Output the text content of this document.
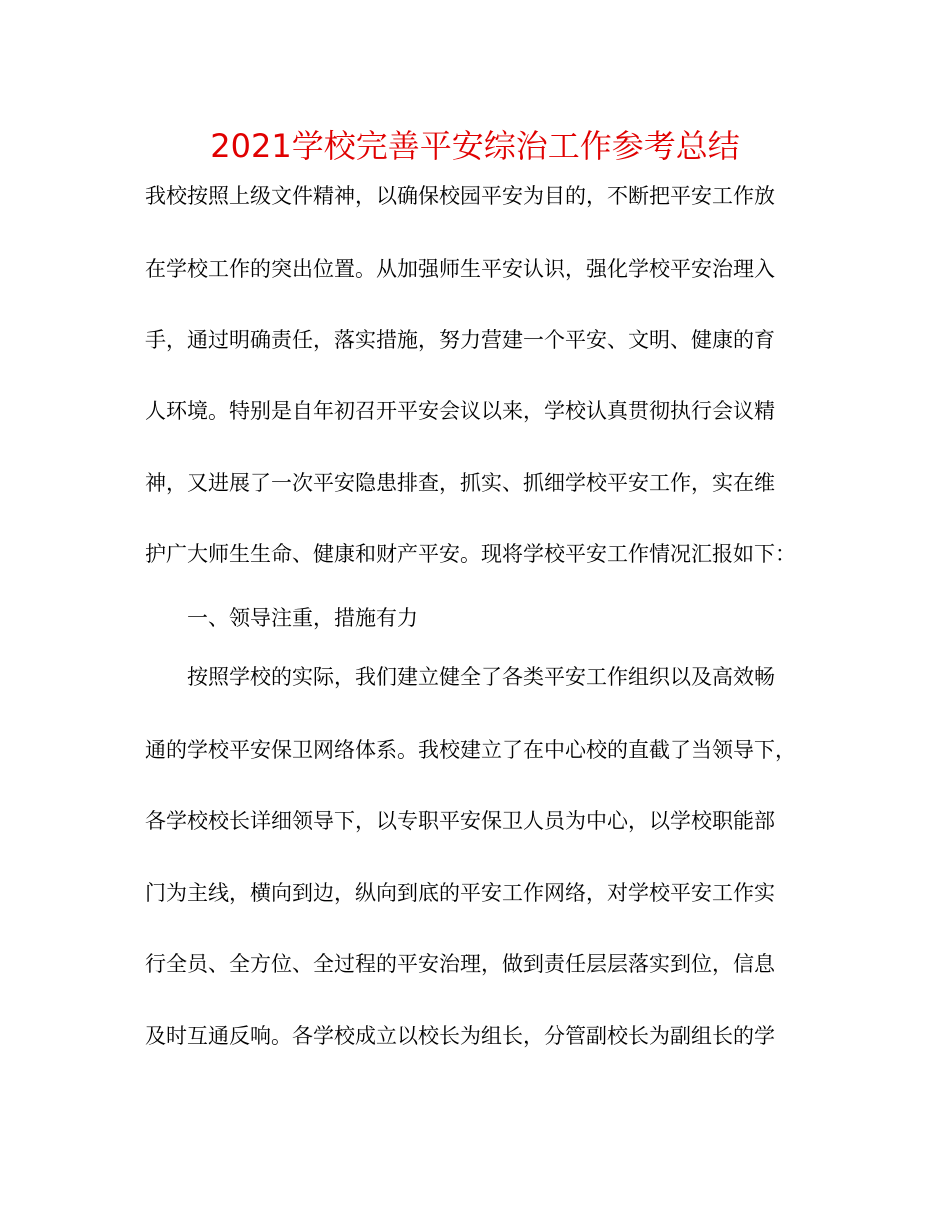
2021学校完善平安综治工作参考总结
我校按照上级文件精神，以确保校园平安为目的，不断把平安工作放
在学校工作的突出位置。从加强师生平安认识，强化学校平安治理入
手，通过明确责任，落实措施，努力营建一个平安、文明、健康的育
人环境。特别是自年初召开平安会议以来，学校认真贯彻执行会议精
神，又进展了一次平安隐患排查，抓实、抓细学校平安工作，实在维
护广大师生生命、健康和财产平安。现将学校平安工作情况汇报如下：
一、领导注重，措施有力
按照学校的实际，我们建立健全了各类平安工作组织以及高效畅
通的学校平安保卫网络体系。我校建立了在中心校的直截了当领导下，
各学校校长详细领导下，以专职平安保卫人员为中心，以学校职能部
门为主线，横向到边，纵向到底的平安工作网络，对学校平安工作实
行全员、全方位、全过程的平安治理，做到责任层层落实到位，信息
及时互通反响。各学校成立以校长为组长，分管副校长为副组长的学
